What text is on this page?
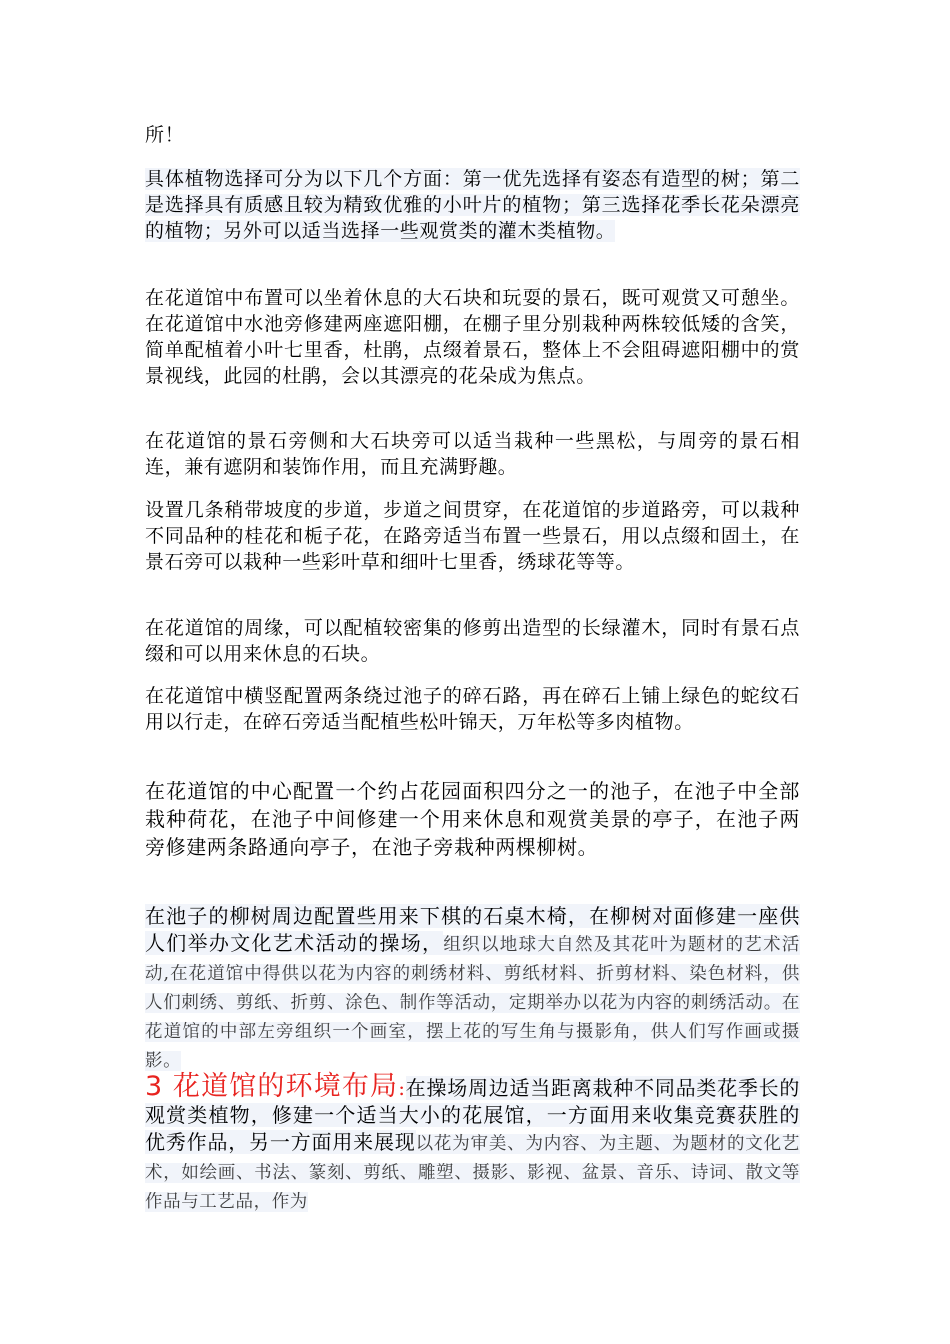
所！

具体植物选择可分为以下几个方面：第一优先选择有姿态有造型的树；第二是选择具有质感且较为精致优雅的小叶片的植物；第三选择花季长花朵漂亮的植物；另外可以适当选择一些观赏类的灌木类植物。

在花道馆中布置可以坐着休息的大石块和玩耍的景石，既可观赏又可憩坐。在花道馆中水池旁修建两座遮阳棚，在棚子里分别栽种两株较低矮的含笑，简单配植着小叶七里香，杜鹃，点缀着景石，整体上不会阻碍遮阳棚中的赏景视线，此园的杜鹃，会以其漂亮的花朵成为焦点。

在花道馆的景石旁侧和大石块旁可以适当栽种一些黑松，与周旁的景石相连，兼有遮阴和装饰作用，而且充满野趣。

设置几条稍带坡度的步道，步道之间贯穿，在花道馆的步道路旁，可以栽种不同品种的桂花和栀子花，在路旁适当布置一些景石，用以点缀和固土，在景石旁可以栽种一些彩叶草和细叶七里香，绣球花等等。

在花道馆的周缘，可以配植较密集的修剪出造型的长绿灌木，同时有景石点缀和可以用来休息的石块。

在花道馆中横竖配置两条绕过池子的碎石路，再在碎石上铺上绿色的蛇纹石用以行走，在碎石旁适当配植些松叶锦天，万年松等多肉植物。

在花道馆的中心配置一个约占花园面积四分之一的池子，在池子中全部栽种荷花，在池子中间修建一个用来休息和观赏美景的亭子，在池子两旁修建两条路通向亭子，在池子旁栽种两棵柳树。

在池子的柳树周边配置些用来下棋的石桌木椅，在柳树对面修建一座供人们举办文化艺术活动的操场，组织以地球大自然及其花叶为题材的艺术活动,在花道馆中得供以花为内容的刺绣材料、剪纸材料、折剪材料、染色材料，供人们刺绣、剪纸、折剪、涂色、制作等活动，定期举办以花为内容的刺绣活动。在花道馆的中部左旁组织一个画室，摆上花的写生角与摄影角，供人们写作画或摄影。

3 花道馆的环境布局:在操场周边适当距离栽种不同品类花季长的观赏类植物，修建一个适当大小的花展馆，一方面用来收集竞赛获胜的优秀作品，另一方面用来展现以花为审美、为内容、为主题、为题材的文化艺术，如绘画、书法、篆刻、剪纸、雕塑、摄影、影视、盆景、音乐、诗词、散文等作品与工艺品，作为
